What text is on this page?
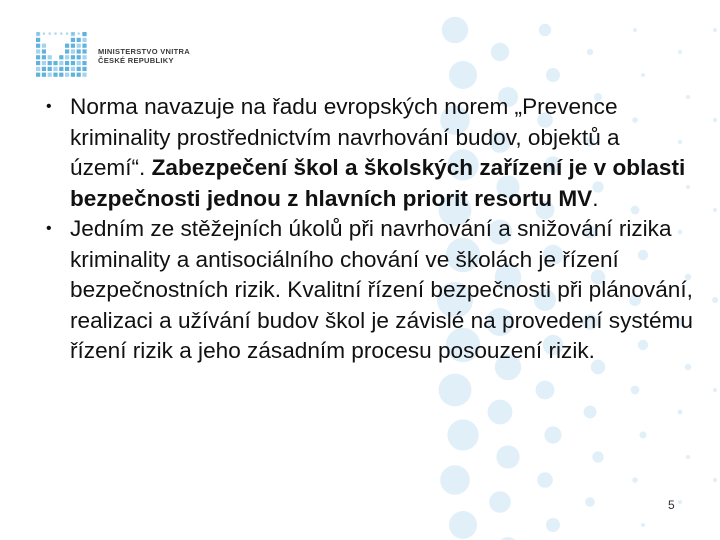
MINISTERSTVO VNITRA
ČESKÉ REPUBLIKY
• Norma navazuje na řadu evropských norem „Prevence kriminality prostřednictvím navrhování budov, objektů a území“. Zabezpečení škol a školských zařízení je v oblasti bezpečnosti jednou z hlavních priorit resortu MV.
• Jedním ze stěžejních úkolů při navrhování a snižování rizika kriminality a antisociálního chování ve školách je řízení bezpečnostních rizik. Kvalitní řízení bezpečnosti při plánování, realizaci a užívání budov škol je závislé na provedení systému řízení rizik a jeho zásadním procesu posouzení rizik.
5
